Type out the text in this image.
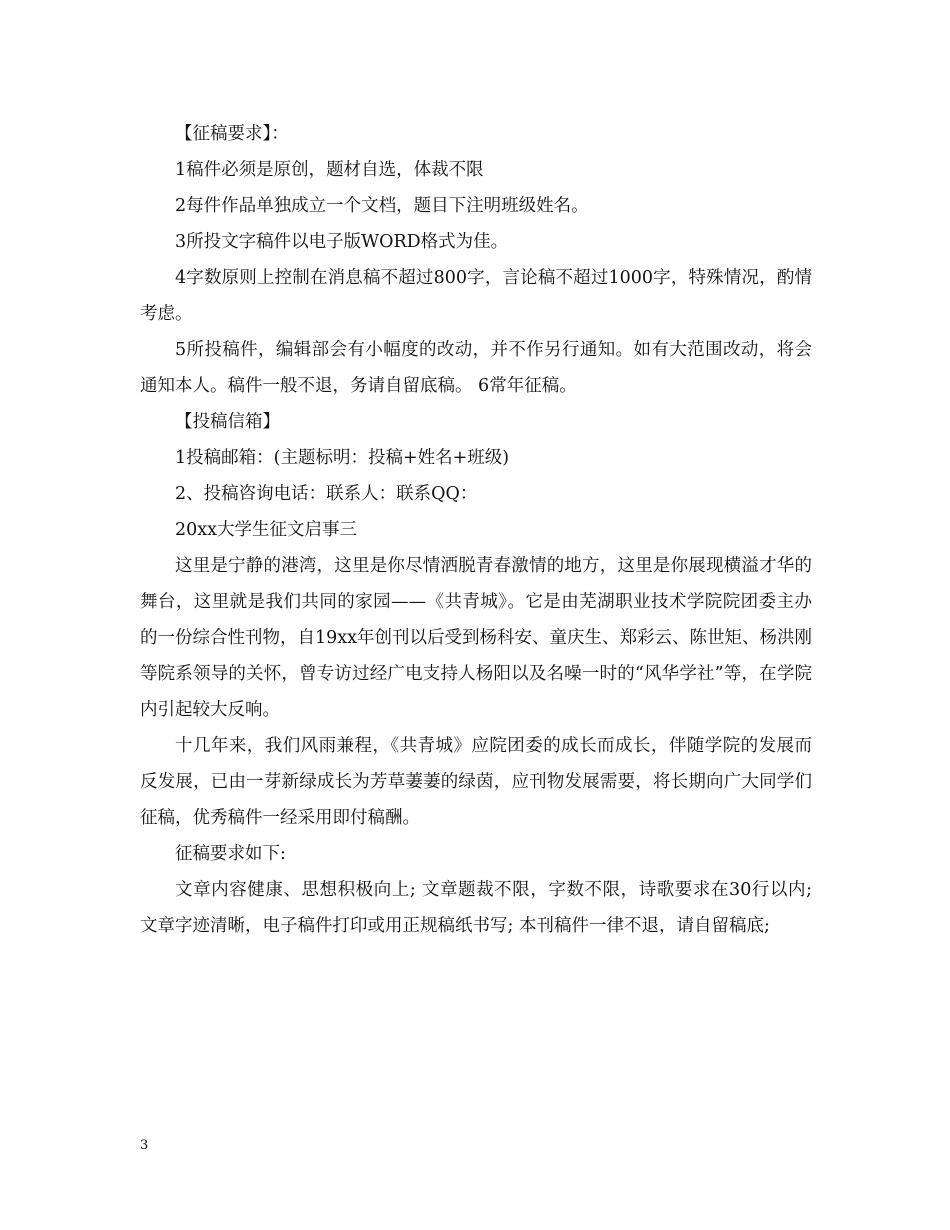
【征稿要求】：

1稿件必须是原创，题材自选，体裁不限

2每件作品单独成立一个文档，题目下注明班级姓名。

3所投文字稿件以电子版WORD格式为佳。

4字数原则上控制在消息稿不超过800字，言论稿不超过1000字，特殊情况，酌情考虑。

5所投稿件，编辑部会有小幅度的改动，并不作另行通知。如有大范围改动，将会通知本人。稿件一般不退，务请自留底稿。 6常年征稿。

【投稿信箱】

1投稿邮箱：(主题标明：投稿+姓名+班级)

2、投稿咨询电话：联系人：联系QQ：

20xx大学生征文启事三

这里是宁静的港湾，这里是你尽情洒脱青春激情的地方，这里是你展现横溢才华的舞台，这里就是我们共同的家园——《共青城》。它是由芜湖职业技术学院院团委主办的一份综合性刊物，自19xx年创刊以后受到杨科安、童庆生、郑彩云、陈世矩、杨洪刚等院系领导的关怀，曾专访过经广电支持人杨阳以及名噪一时的“风华学社”等，在学院内引起较大反响。

十几年来，我们风雨兼程，《共青城》应院团委的成长而成长，伴随学院的发展而反发展，已由一芽新绿成长为芳草萋萋的绿茵，应刊物发展需要，将长期向广大同学们征稿，优秀稿件一经采用即付稿酬。

征稿要求如下:

文章内容健康、思想积极向上; 文章题裁不限，字数不限，诗歌要求在30行以内; 文章字迹清晰，电子稿件打印或用正规稿纸书写; 本刊稿件一律不退，请自留稿底;

3
